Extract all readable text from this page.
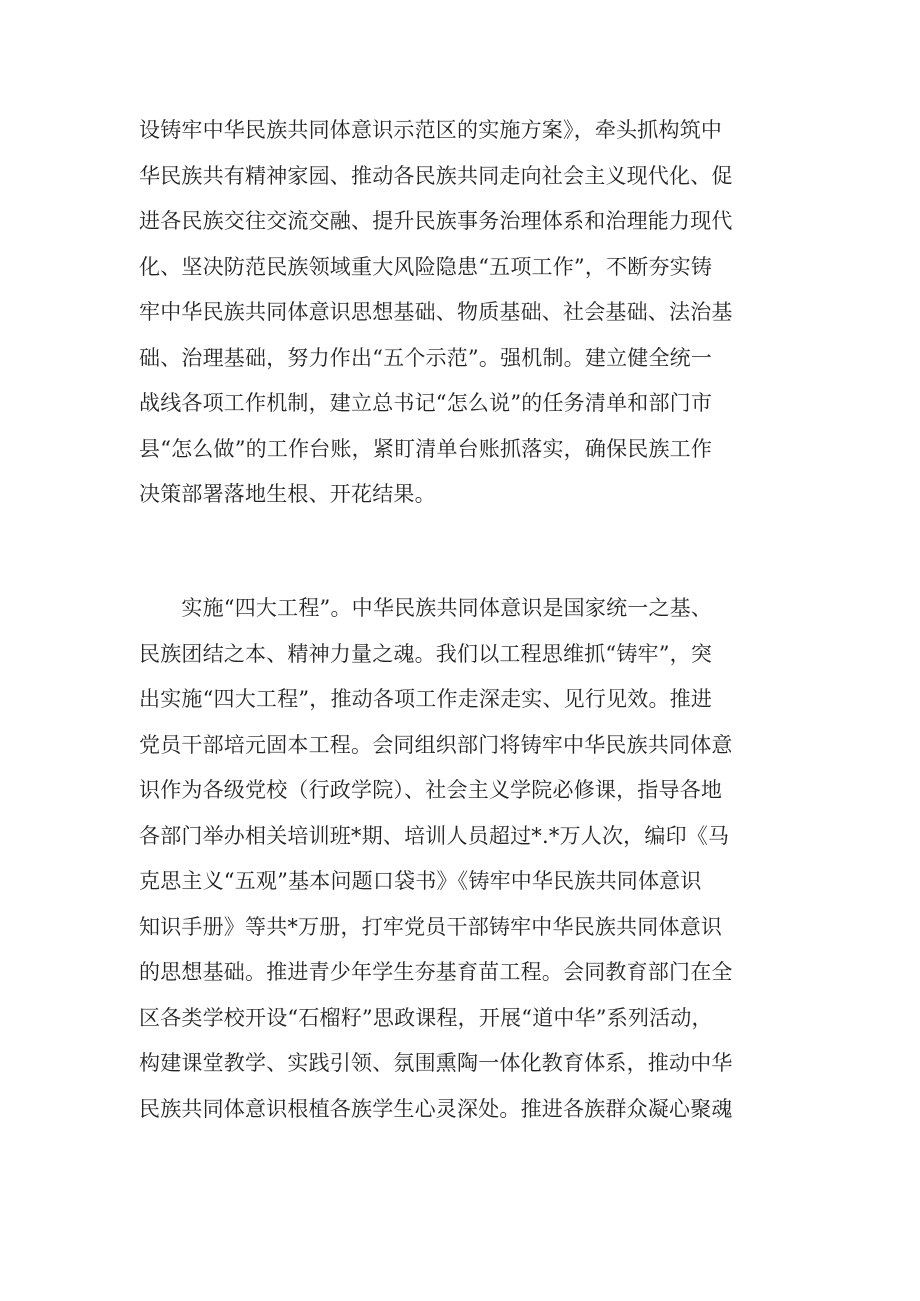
设铸牢中华民族共同体意识示范区的实施方案》，牵头抓构筑中
华民族共有精神家园、推动各民族共同走向社会主义现代化、促
进各民族交往交流交融、提升民族事务治理体系和治理能力现代
化、坚决防范民族领域重大风险隐患“五项工作”，不断夯实铸
牢中华民族共同体意识思想基础、物质基础、社会基础、法治基
础、治理基础，努力作出“五个示范”。强机制。建立健全统一
战线各项工作机制，建立总书记“怎么说”的任务清单和部门市
县“怎么做”的工作台账，紧盯清单台账抓落实，确保民族工作
决策部署落地生根、开花结果。
　　实施“四大工程”。中华民族共同体意识是国家统一之基、
民族团结之本、精神力量之魂。我们以工程思维抓“铸牢”，突
出实施“四大工程”，推动各项工作走深走实、见行见效。推进
党员干部培元固本工程。会同组织部门将铸牢中华民族共同体意
识作为各级党校（行政学院）、社会主义学院必修课，指导各地
各部门举办相关培训班*期、培训人员超过*.*万人次，编印《马
克思主义“五观”基本问题口袋书》《铸牢中华民族共同体意识
知识手册》等共*万册，打牢党员干部铸牢中华民族共同体意识
的思想基础。推进青少年学生夯基育苗工程。会同教育部门在全
区各类学校开设“石榴籽”思政课程，开展“道中华”系列活动，
构建课堂教学、实践引领、氛围熏陶一体化教育体系，推动中华
民族共同体意识根植各族学生心灵深处。推进各族群众凝心聚魂
